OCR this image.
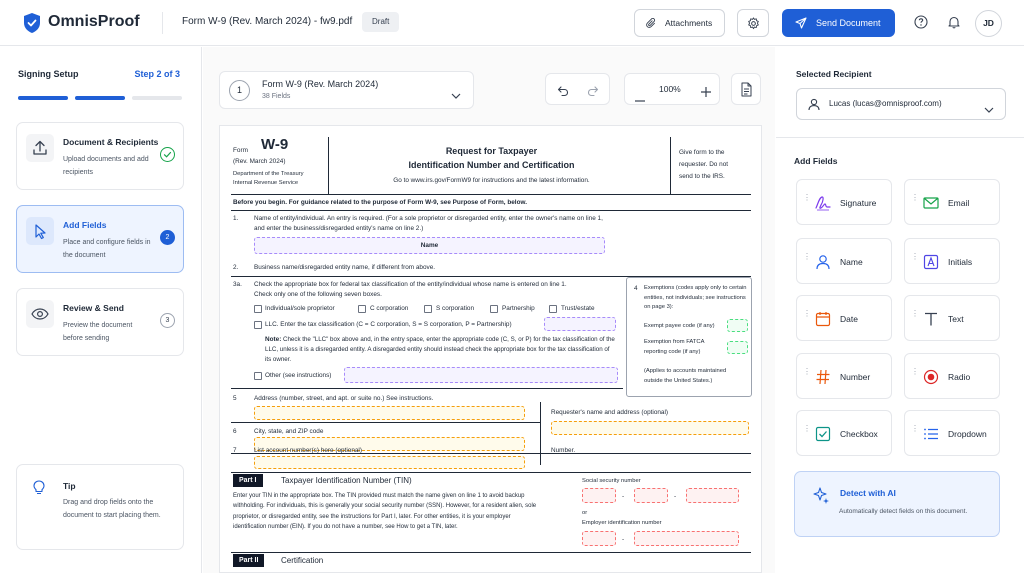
OmnisProof	Form W-9 (Rev. March 2024) - fw9.pdf	Draft	Attachments	Send Document	JD
Signing Setup	Step 2 of 3
Document & Recipients
Upload documents and add recipients
Add Fields
Place and configure fields in the document
2
Review & Send
Preview the document before sending
3
Tip
Drag and drop fields onto the document to start placing them.
1
Form W-9 (Rev. March 2024)
38 Fields
100%
Form W-9
(Rev. March 2024)
Department of the Treasury
Internal Revenue Service
Request for Taxpayer
Identification Number and Certification
Go to www.irs.gov/FormW9 for instructions and the latest information.
Give form to the
requester. Do not
send to the IRS.
Before you begin. For guidance related to the purpose of Form W-9, see Purpose of Form, below.
1. Name of entity/individual. An entry is required. (For a sole proprietor or disregarded entity, enter the owner's name on line 1,
and enter the business/disregarded entity's name on line 2.)
Name
2. Business name/disregarded entity name, if different from above.
3a. Check the appropriate box for federal tax classification of the entity/individual whose name is entered on line 1.
Check only one of the following seven boxes.
Individual/sole proprietor	C corporation	S corporation	Partnership	Trust/estate
LLC. Enter the tax classification (C = C corporation, S = S corporation, P = Partnership)
Note: Check the "LLC" box above and, in the entry space, enter the appropriate code (C, S, or P) for the tax classification of the LLC, unless it is a disregarded entity. A disregarded entity should instead check the appropriate box for the tax classification of its owner.
Other (see instructions)
4 Exemptions (codes apply only to certain entities, not individuals; see instructions on page 3):
Exempt payee code (if any)
Exemption from FATCA reporting code (if any)
(Applies to accounts maintained outside the United States.)
5	Address (number, street, and apt. or suite no.) See instructions.
Requester's name and address (optional)
6	City, state, and ZIP code
7	List account number(s) here (optional)	Number.
Part I	Taxpayer Identification Number (TIN)
Enter your TIN in the appropriate box. The TIN provided must match the name given on line 1 to avoid backup withholding. For individuals, this is generally your social security number (SSN). However, for a resident alien, sole proprietor, or disregarded entity, see the instructions for Part I, later. For other entities, it is your employer identification number (EIN). If you do not have a number, see How to get a TIN, later.
Social security number
-	-
or
Employer identification number
-
Part II	Certification
Selected Recipient
Lucas (lucas@omnisproof.com)
Add Fields
⋮
Signature
⋮
Email
⋮
Name
⋮
Initials
⋮
Date
⋮
Text
⋮
Number
⋮
Radio
⋮
Checkbox
⋮
Dropdown
Detect with AI
Automatically detect fields on this document.
